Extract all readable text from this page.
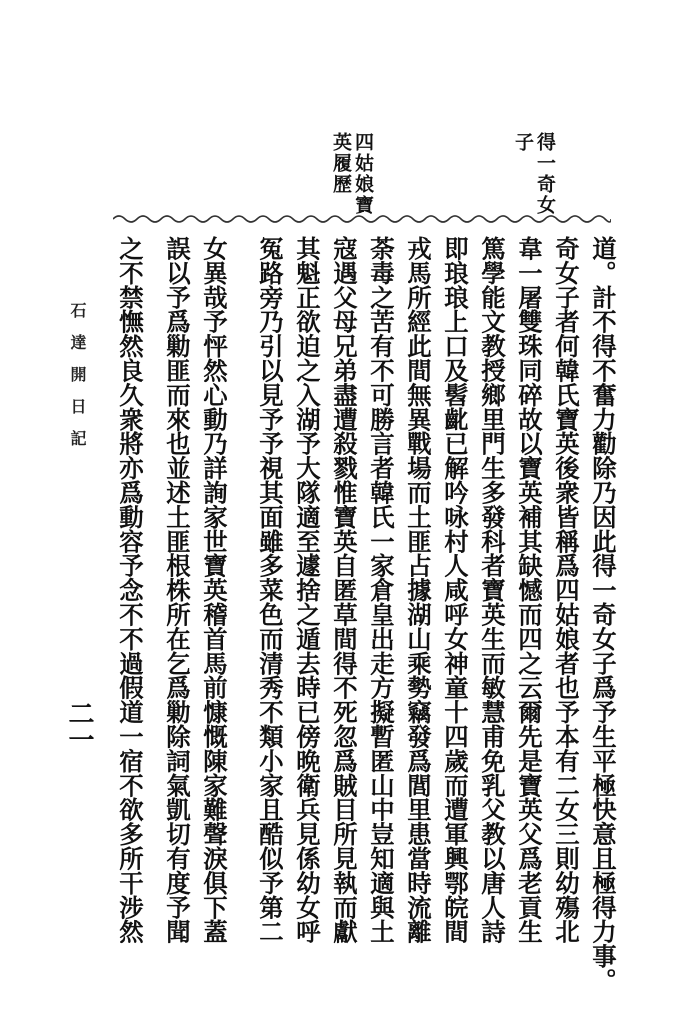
得一奇女
子
四姑娘寶
英履歷
道。計不得不奮力勸除乃因此得一奇女子爲予生平極快意且極得力事。
奇女子者何韓氏寶英後衆皆稱爲四姑娘者也予本有二女三則幼殤北
韋一屠雙珠同碎故以寶英補其缺憾而四之云爾先是寶英父爲老貢生
篤學能文教授鄉里門生多發科者寶英生而敏慧甫免乳父教以唐人詩
即琅琅上口及髫齔已解吟咏村人咸呼女神童十四歲而遭軍興鄂皖間
戎馬所經此間無異戰場而土匪占據湖山乘勢竊發爲閭里患當時流離
荼毒之苦有不可勝言者韓氏一家倉皇出走方擬暫匿山中豈知適與土
寇遇父母兄弟盡遭殺戮惟寶英自匿草間得不死忽爲賊目所見執而獻
其魁正欲迫之入湖予大隊適至遽捨之遁去時已傍晩衛兵見係幼女呼
冤路旁乃引以見予予視其面雖多菜色而清秀不類小家且酷似予第二
女異哉予怦然心動乃詳詢家世寶英稽首馬前慷慨陳家難聲淚俱下蓋
誤以予爲勦匪而來也並述土匪根株所在乞爲勦除詞氣凱切有度予聞
之不禁憮然良久衆將亦爲動容予念不不過假道一宿不欲多所干涉然
石達開日記
二一
